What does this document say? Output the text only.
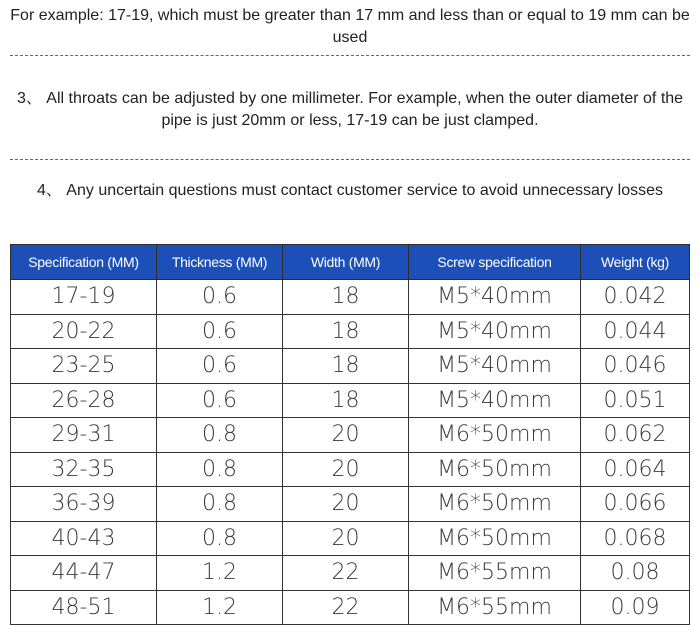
For example: 17-19, which must be greater than 17 mm and less than or equal to 19 mm can be used
3、 All throats can be adjusted by one millimeter. For example, when the outer diameter of the pipe is just 20mm or less, 17-19 can be just clamped.
4、 Any uncertain questions must contact customer service to avoid unnecessary losses
Specification (MM)	Thickness (MM)	Width (MM)	Screw specification	Weight (kg)
17-19	0.6	18	M5*40mm	0.042
20-22	0.6	18	M5*40mm	0.044
23-25	0.6	18	M5*40mm	0.046
26-28	0.6	18	M5*40mm	0.051
29-31	0.8	20	M6*50mm	0.062
32-35	0.8	20	M6*50mm	0.064
36-39	0.8	20	M6*50mm	0.066
40-43	0.8	20	M6*50mm	0.068
44-47	1.2	22	M6*55mm	0.08
48-51	1.2	22	M6*55mm	0.09
